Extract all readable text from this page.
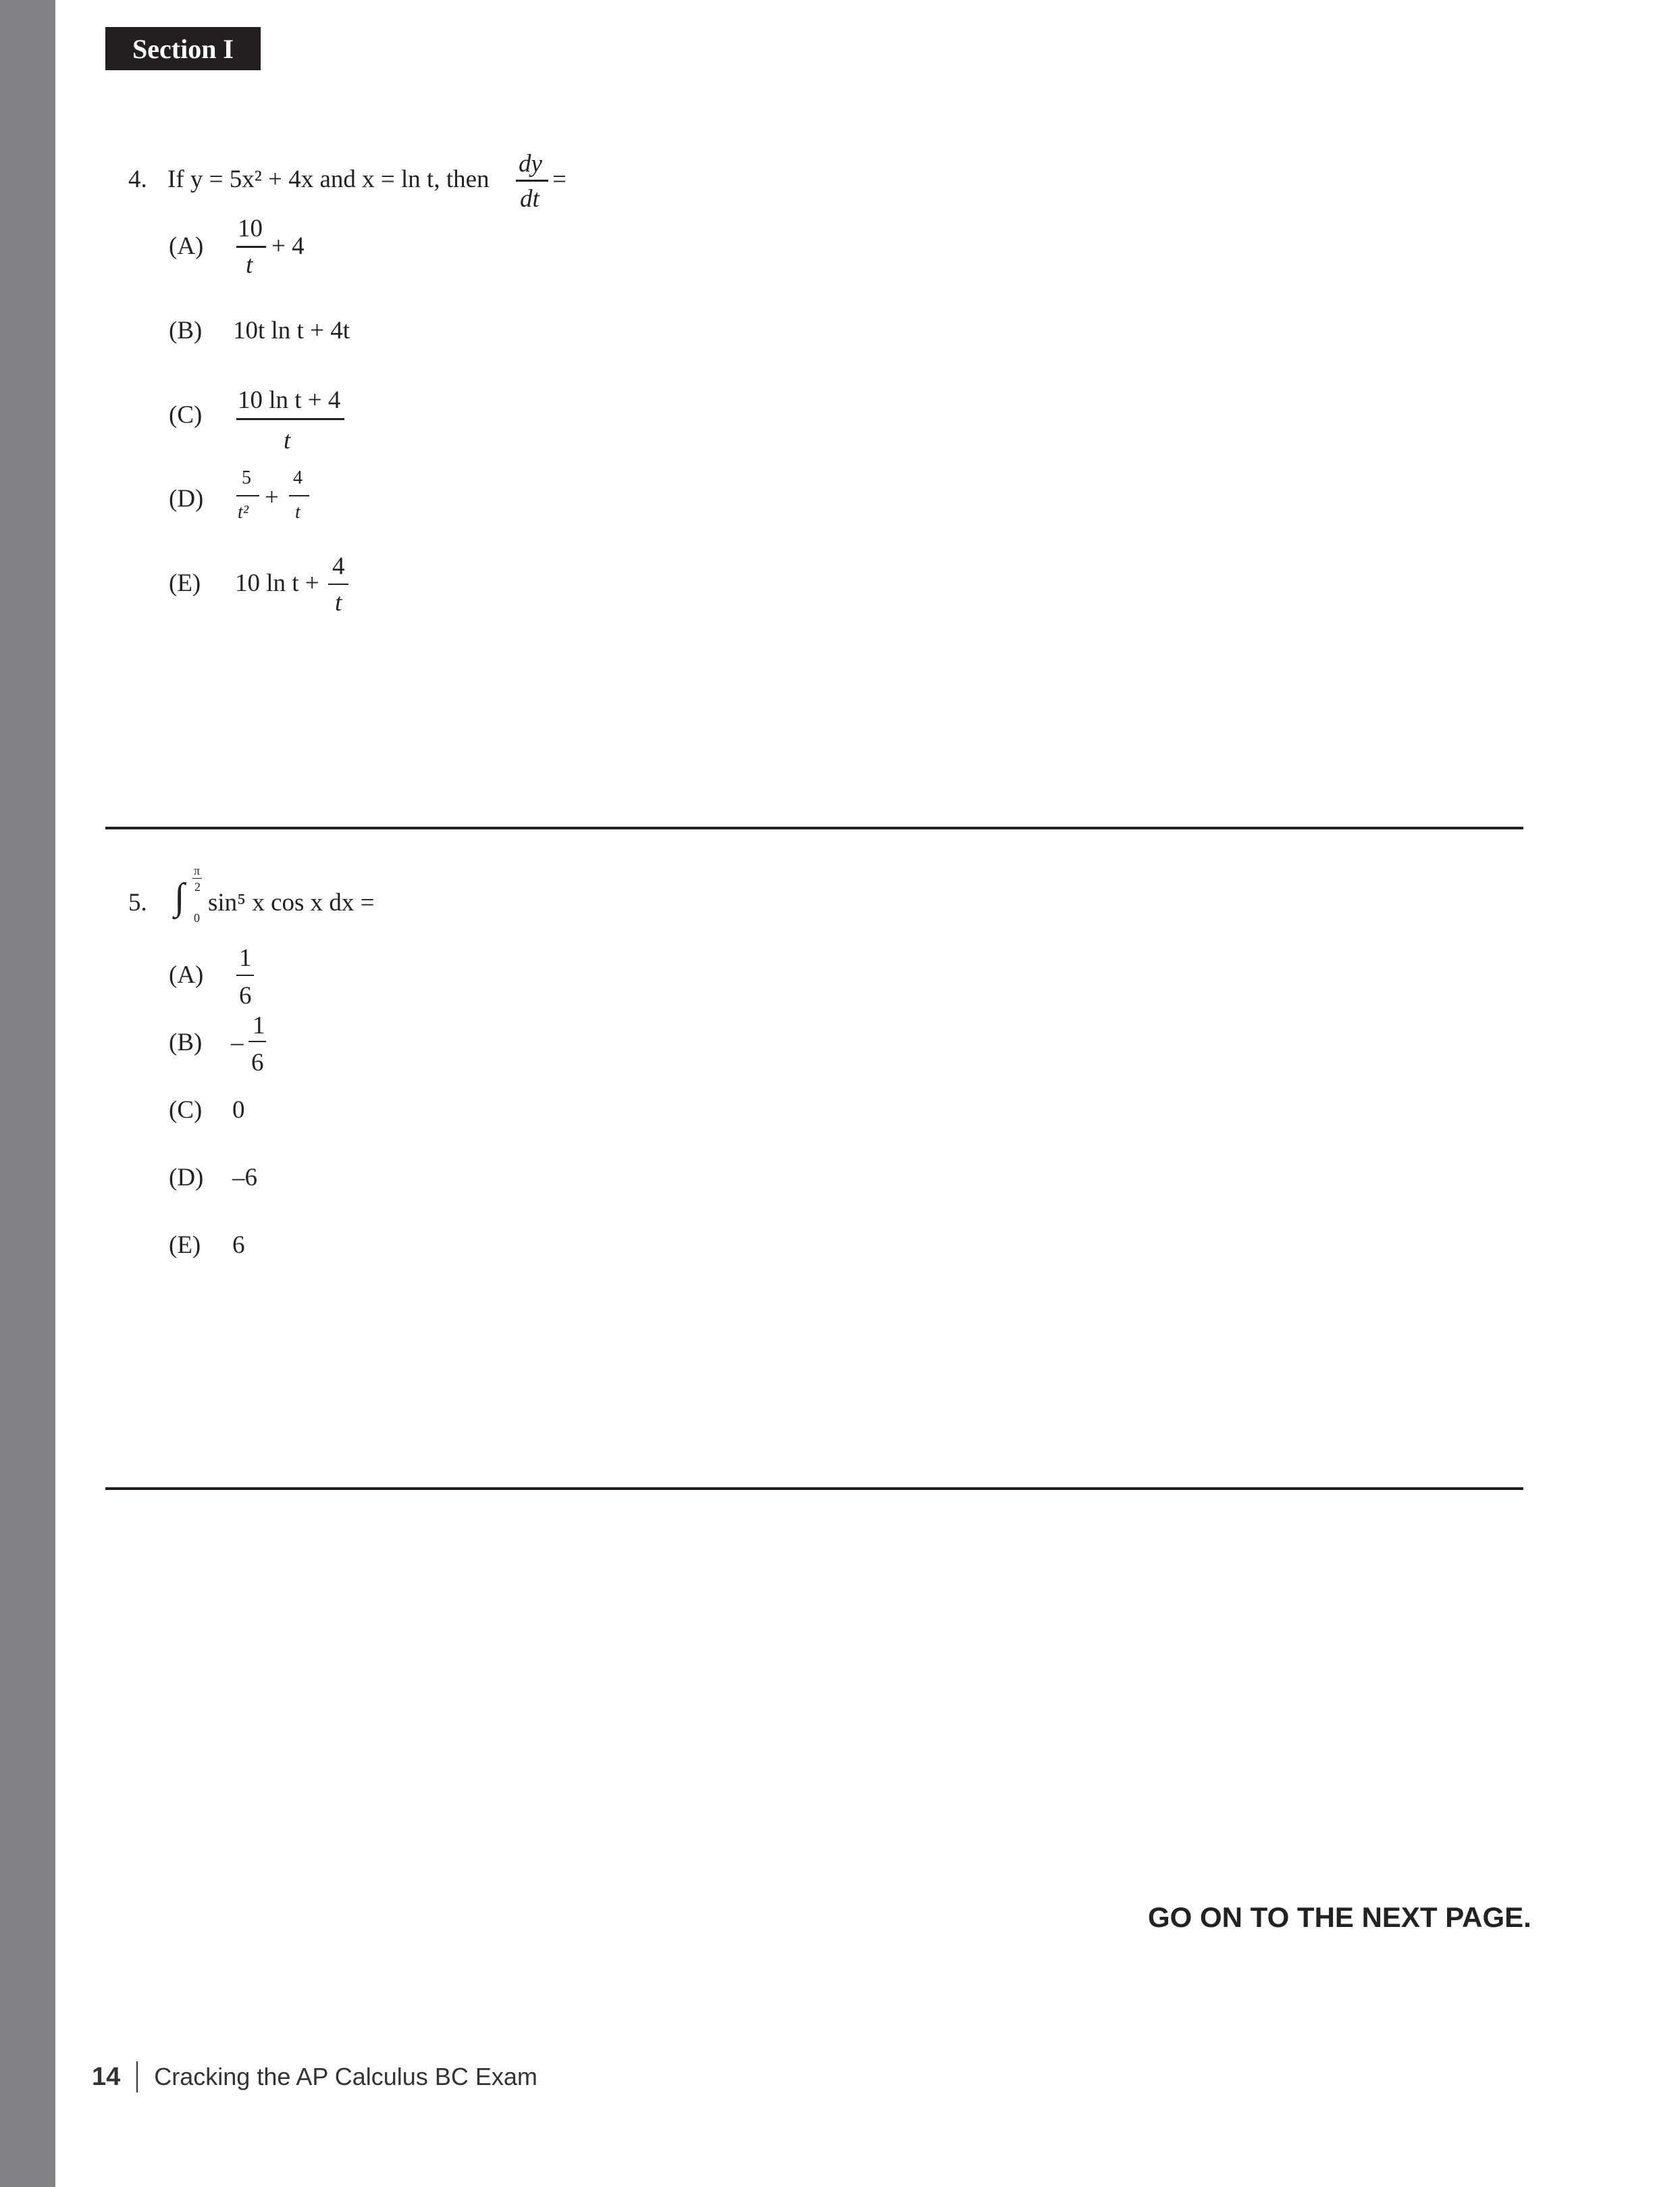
Section I
4. If y = 5x² + 4x and x = ln t, then
dy
dt
=
(A)
10
t
+ 4
(B) 10t ln t + 4t
(C)
10 ln t + 4
t
(D)
5
t²
+
4
t
(E) 10 ln t +
4
t
5. ∫
π
2
0
sin⁵ x cos x dx =
(A)
1
6
(B) –
1
6
(C) 0
(D) –6
(E) 6
GO ON TO THE NEXT PAGE.
14 Cracking the AP Calculus BC Exam
